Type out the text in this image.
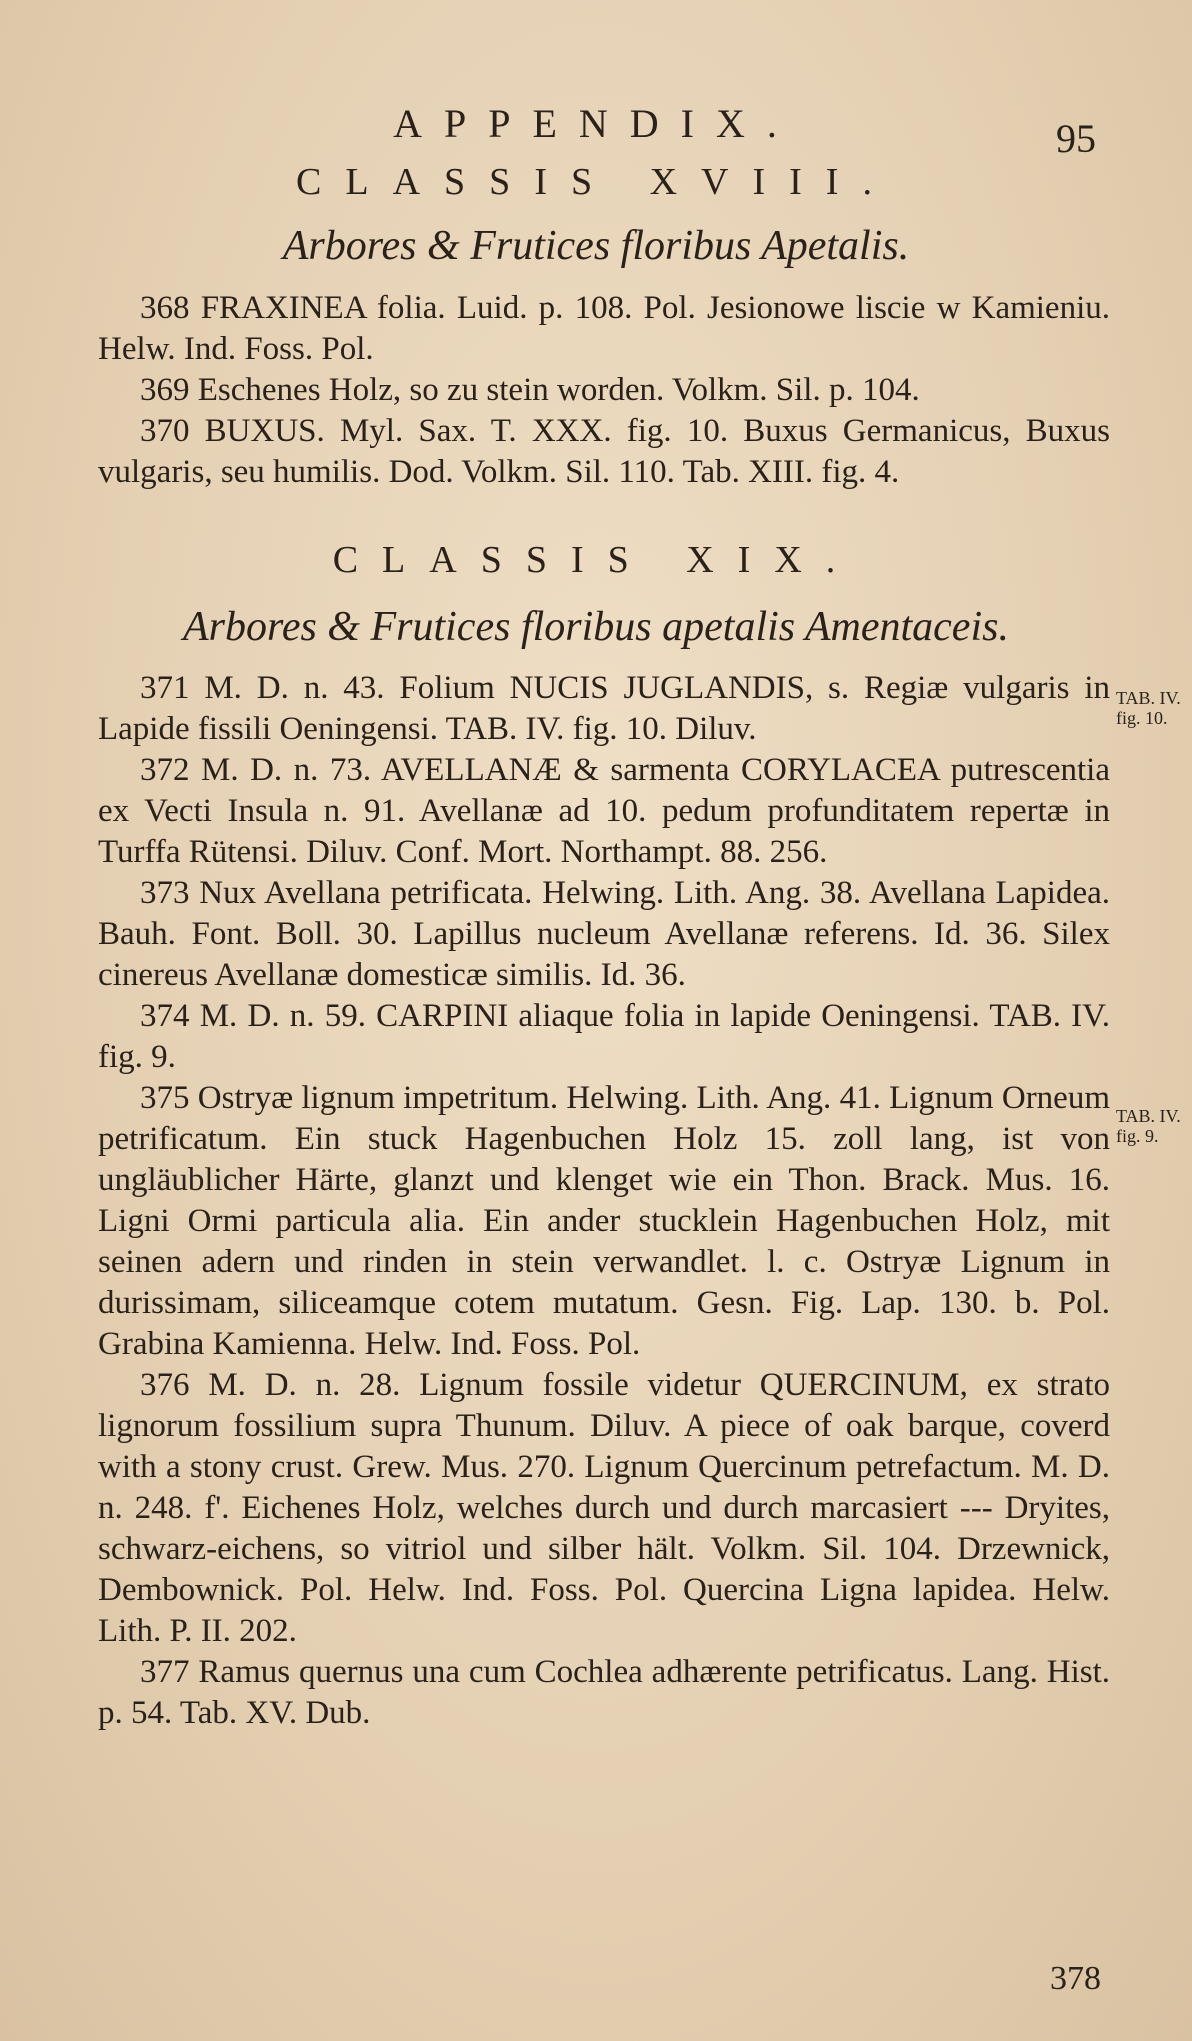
APPENDIX.	95
CLASSIS XVIII.
Arbores & Frutices floribus Apetalis.

368 FRAXINEA folia. Luid. p. 108. Pol. Jesionowe liscie w Kamieniu. Helw. Ind. Foss. Pol.

369 Eschenes Holz, so zu stein worden. Volkm. Sil. p. 104.

370 BUXUS. Myl. Sax. T. XXX. fig. 10. Buxus Germanicus, Buxus vulgaris, seu humilis. Dod. Volkm. Sil. 110. Tab. XIII. fig. 4.

CLASSIS XIX.
Arbores & Frutices floribus apetalis Amentaceis.

371 M. D. n. 43. Folium NUCIS JUGLANDIS, s. Regiæ vulgaris in Lapide fissili Oeningensi. TAB. IV. fig. 10. Diluv.

372 M. D. n. 73. AVELLANÆ & sarmenta CORYLACEA putrescentia ex Vecti Insula n. 91. Avellanæ ad 10. pedum profunditatem repertæ in Turffa Rütensi. Diluv. Conf. Mort. Northampt. 88. 256.

373 Nux Avellana petrificata. Helwing. Lith. Ang. 38. Avellana Lapidea. Bauh. Font. Boll. 30. Lapillus nucleum Avellanæ referens. Id. 36. Silex cinereus Avellanæ domesticæ similis. Id. 36.

374 M. D. n. 59. CARPINI aliaque folia in lapide Oeningensi. TAB. IV. fig. 9.

375 Ostryæ lignum impetritum. Helwing. Lith. Ang. 41. Lignum Orneum petrificatum. Ein stuck Hagenbuchen Holz 15. zoll lang, ist von ungläublicher Härte, glanzt und klenget wie ein Thon. Brack. Mus. 16. Ligni Ormi particula alia. Ein ander stucklein Hagenbuchen Holz, mit seinen adern und rinden in stein verwandlet. l. c. Ostryæ Lignum in durissimam, siliceamque cotem mutatum. Gesn. Fig. Lap. 130. b. Pol. Grabina Kamienna. Helw. Ind. Foss. Pol.

376 M. D. n. 28. Lignum fossile videtur QUERCINUM, ex strato lignorum fossilium supra Thunum. Diluv. A piece of oak barque, coverd with a stony crust. Grew. Mus. 270. Lignum Quercinum petrefactum. M. D. n. 248. f'. Eichenes Holz, welches durch und durch marcasiert --- Dryites, schwarz-eichens, so vitriol und silber hält. Volkm. Sil. 104. Drzewnick, Dembownick. Pol. Helw. Ind. Foss. Pol. Quercina Ligna lapidea. Helw. Lith. P. II. 202.

377 Ramus quernus una cum Cochlea adhærente petrificatus. Lang. Hist. p. 54. Tab. XV. Dub.

TAB. IV. fig. 10.
TAB. IV. fig. 9.
378
